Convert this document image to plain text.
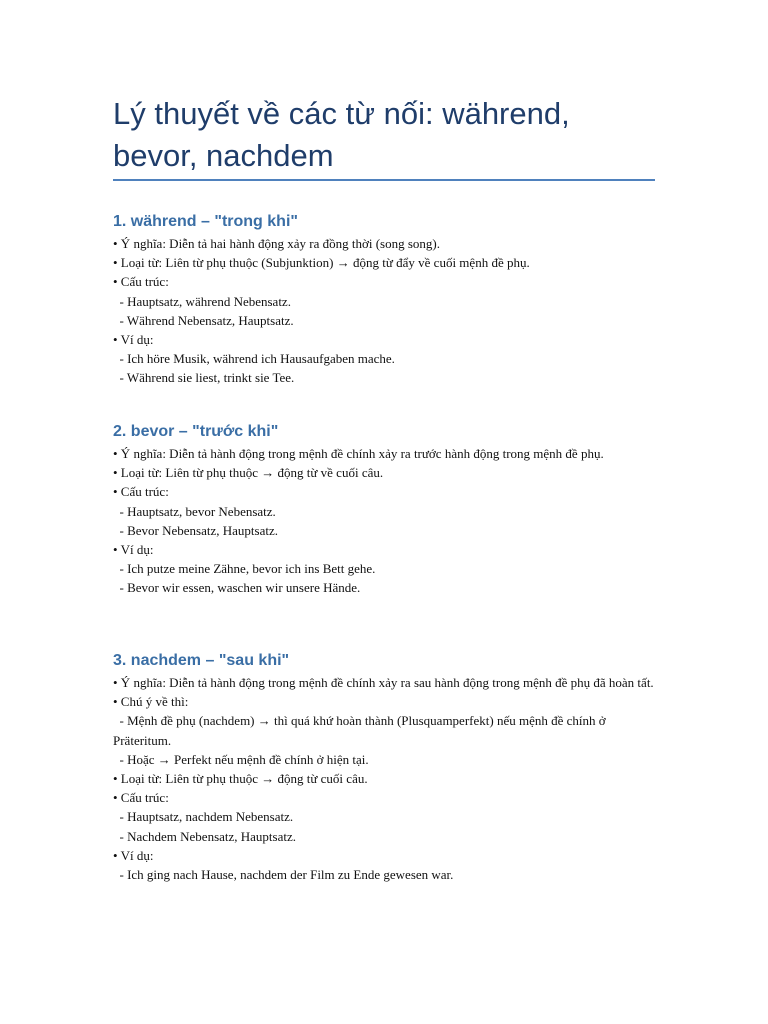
Lý thuyết về các từ nối: während, bevor, nachdem
1. während – "trong khi"

• Ý nghĩa: Diễn tả hai hành động xảy ra đồng thời (song song).

• Loại từ: Liên từ phụ thuộc (Subjunktion) → động từ đẩy về cuối mệnh đề phụ.

• Cấu trúc:

- Hauptsatz, während Nebensatz.

- Während Nebensatz, Hauptsatz.

• Ví dụ:

- Ich höre Musik, während ich Hausaufgaben mache.

- Während sie liest, trinkt sie Tee.

2. bevor – "trước khi"

• Ý nghĩa: Diễn tả hành động trong mệnh đề chính xảy ra trước hành động trong mệnh đề phụ.

• Loại từ: Liên từ phụ thuộc → động từ về cuối câu.

• Cấu trúc:

- Hauptsatz, bevor Nebensatz.

- Bevor Nebensatz, Hauptsatz.

• Ví dụ:

- Ich putze meine Zähne, bevor ich ins Bett gehe.

- Bevor wir essen, waschen wir unsere Hände.

3. nachdem – "sau khi"

• Ý nghĩa: Diễn tả hành động trong mệnh đề chính xảy ra sau hành động trong mệnh đề phụ đã hoàn tất.

• Chú ý về thì:

- Mệnh đề phụ (nachdem) → thì quá khứ hoàn thành (Plusquamperfekt) nếu mệnh đề chính ở Präteritum.

- Hoặc → Perfekt nếu mệnh đề chính ở hiện tại.

• Loại từ: Liên từ phụ thuộc → động từ cuối câu.

• Cấu trúc:

- Hauptsatz, nachdem Nebensatz.

- Nachdem Nebensatz, Hauptsatz.

• Ví dụ:

- Ich ging nach Hause, nachdem der Film zu Ende gewesen war.
